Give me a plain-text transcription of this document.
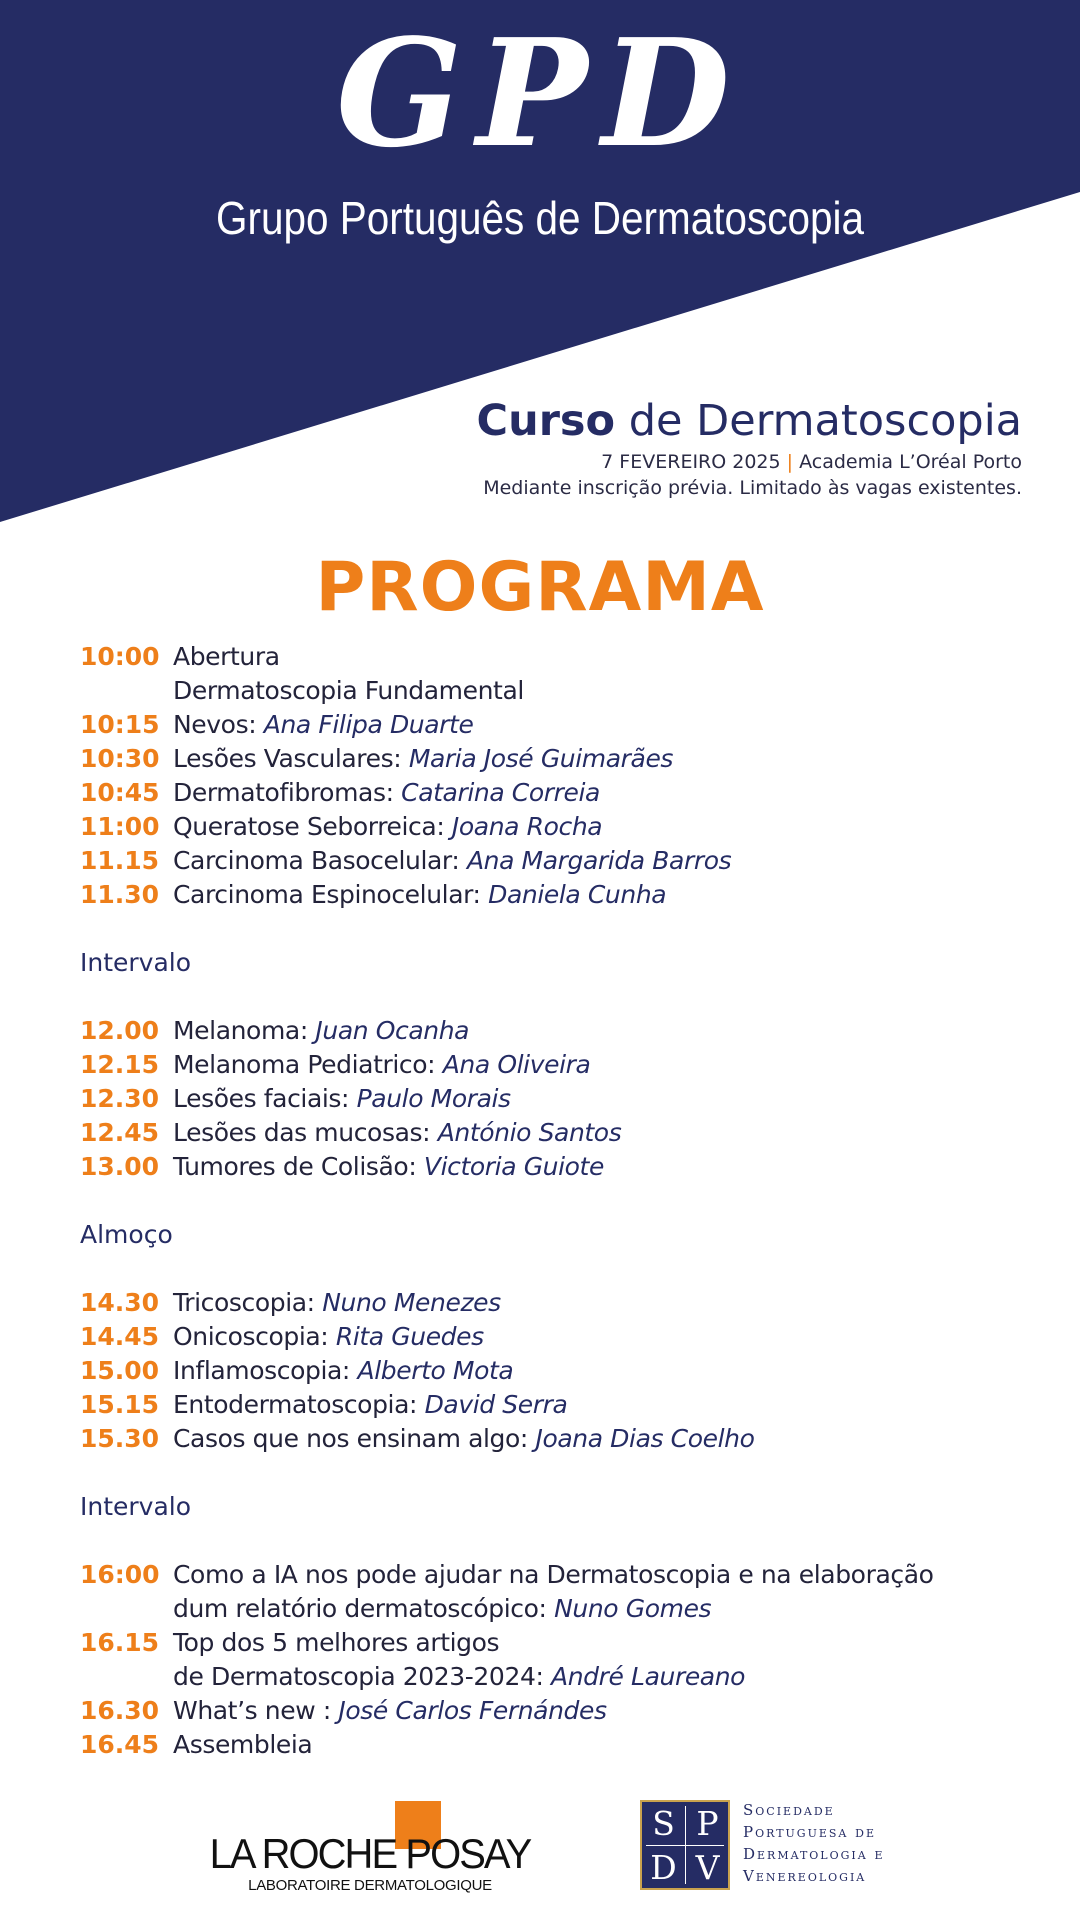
GPD
Grupo Português de Dermatoscopia
Curso de Dermatoscopia
7 FEVEREIRO 2025 | Academia L’Oréal Porto
Mediante inscrição prévia. Limitado às vagas existentes.
PROGRAMA
10:00 Abertura
Dermatoscopia Fundamental
10:15 Nevos: Ana Filipa Duarte
10:30 Lesões Vasculares: Maria José Guimarães
10:45 Dermatofibromas: Catarina Correia
11:00 Queratose Seborreica: Joana Rocha
11.15 Carcinoma Basocelular: Ana Margarida Barros
11.30 Carcinoma Espinocelular: Daniela Cunha
Intervalo
12.00 Melanoma: Juan Ocanha
12.15 Melanoma Pediatrico: Ana Oliveira
12.30 Lesões faciais: Paulo Morais
12.45 Lesões das mucosas: António Santos
13.00 Tumores de Colisão: Victoria Guiote
Almoço
14.30 Tricoscopia: Nuno Menezes
14.45 Onicoscopia: Rita Guedes
15.00 Inflamoscopia: Alberto Mota
15.15 Entodermatoscopia: David Serra
15.30 Casos que nos ensinam algo: Joana Dias Coelho
Intervalo
16:00 Como a IA nos pode ajudar na Dermatoscopia e na elaboração
dum relatório dermatoscópico: Nuno Gomes
16.15 Top dos 5 melhores artigos
de Dermatoscopia 2023-2024: André Laureano
16.30 What’s new : José Carlos Fernándes
16.45 Assembleia
LA ROCHE POSAY
LABORATOIRE DERMATOLOGIQUE
S P
D V
Sociedade
Portuguesa de
Dermatologia e
Venereologia
